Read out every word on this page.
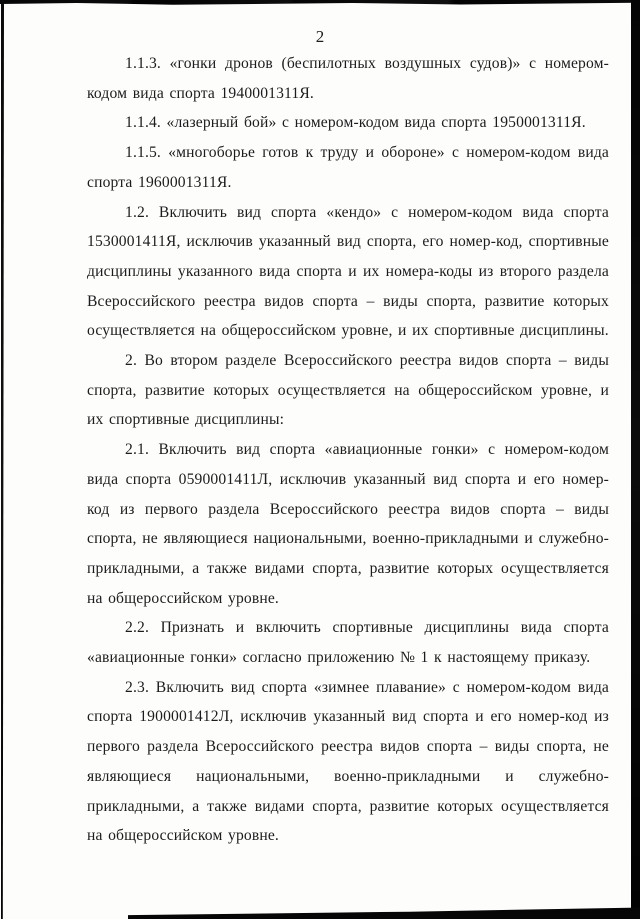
2

1.1.3. «гонки дронов (беспилотных воздушных судов)» с номером-кодом вида спорта 1940001311Я.

1.1.4. «лазерный бой» с номером-кодом вида спорта 1950001311Я.

1.1.5. «многоборье готов к труду и обороне» с номером-кодом вида спорта 1960001311Я.

1.2. Включить вид спорта «кендо» с номером-кодом вида спорта 1530001411Я, исключив указанный вид спорта, его номер-код, спортивные дисциплины указанного вида спорта и их номера-коды из второго раздела Всероссийского реестра видов спорта – виды спорта, развитие которых осуществляется на общероссийском уровне, и их спортивные дисциплины.

2. Во втором разделе Всероссийского реестра видов спорта – виды спорта, развитие которых осуществляется на общероссийском уровне, и их спортивные дисциплины:

2.1. Включить вид спорта «авиационные гонки» с номером-кодом вида спорта 0590001411Л, исключив указанный вид спорта и его номер-код из первого раздела Всероссийского реестра видов спорта – виды спорта, не являющиеся национальными, военно-прикладными и служебно-прикладными, а также видами спорта, развитие которых осуществляется на общероссийском уровне.

2.2. Признать и включить спортивные дисциплины вида спорта «авиационные гонки» согласно приложению № 1 к настоящему приказу.

2.3. Включить вид спорта «зимнее плавание» с номером-кодом вида спорта 1900001412Л, исключив указанный вид спорта и его номер-код из первого раздела Всероссийского реестра видов спорта – виды спорта, не являющиеся национальными, военно-прикладными и служебно-прикладными, а также видами спорта, развитие которых осуществляется на общероссийском уровне.
